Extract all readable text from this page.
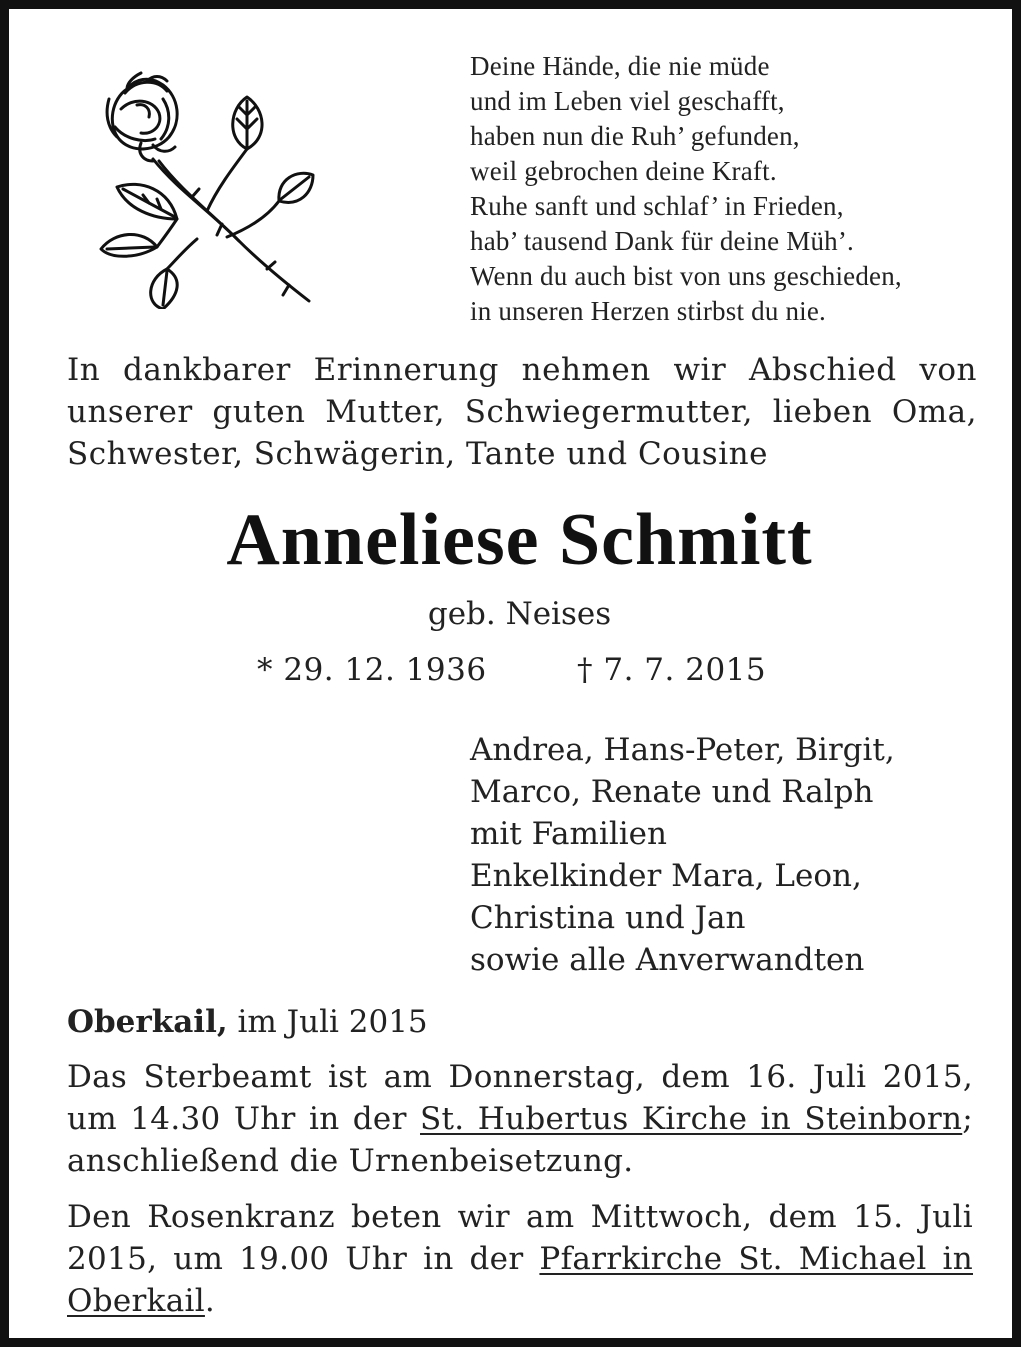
Deine Hände, die nie müde
und im Leben viel geschafft,
haben nun die Ruh’ gefunden,
weil gebrochen deine Kraft.
Ruhe sanft und schlaf’ in Frieden,
hab’ tausend Dank für deine Müh’.
Wenn du auch bist von uns geschieden,
in unseren Herzen stirbst du nie.
In dankbarer Erinnerung nehmen wir Abschied von
unserer guten Mutter, Schwiegermutter, lieben Oma,
Schwester, Schwägerin, Tante und Cousine
Anneliese Schmitt
geb. Neises
* 29. 12. 1936	† 7. 7. 2015
Andrea, Hans-Peter, Birgit,
Marco, Renate und Ralph
mit Familien
Enkelkinder Mara, Leon,
Christina und Jan
sowie alle Anverwandten
Oberkail, im Juli 2015
Das Sterbeamt ist am Donnerstag, dem 16. Juli 2015,
um 14.30 Uhr in der St. Hubertus Kirche in Steinborn;
anschließend die Urnenbeisetzung.
Den Rosenkranz beten wir am Mittwoch, dem 15. Juli
2015, um 19.00 Uhr in der Pfarrkirche St. Michael in
Oberkail.
